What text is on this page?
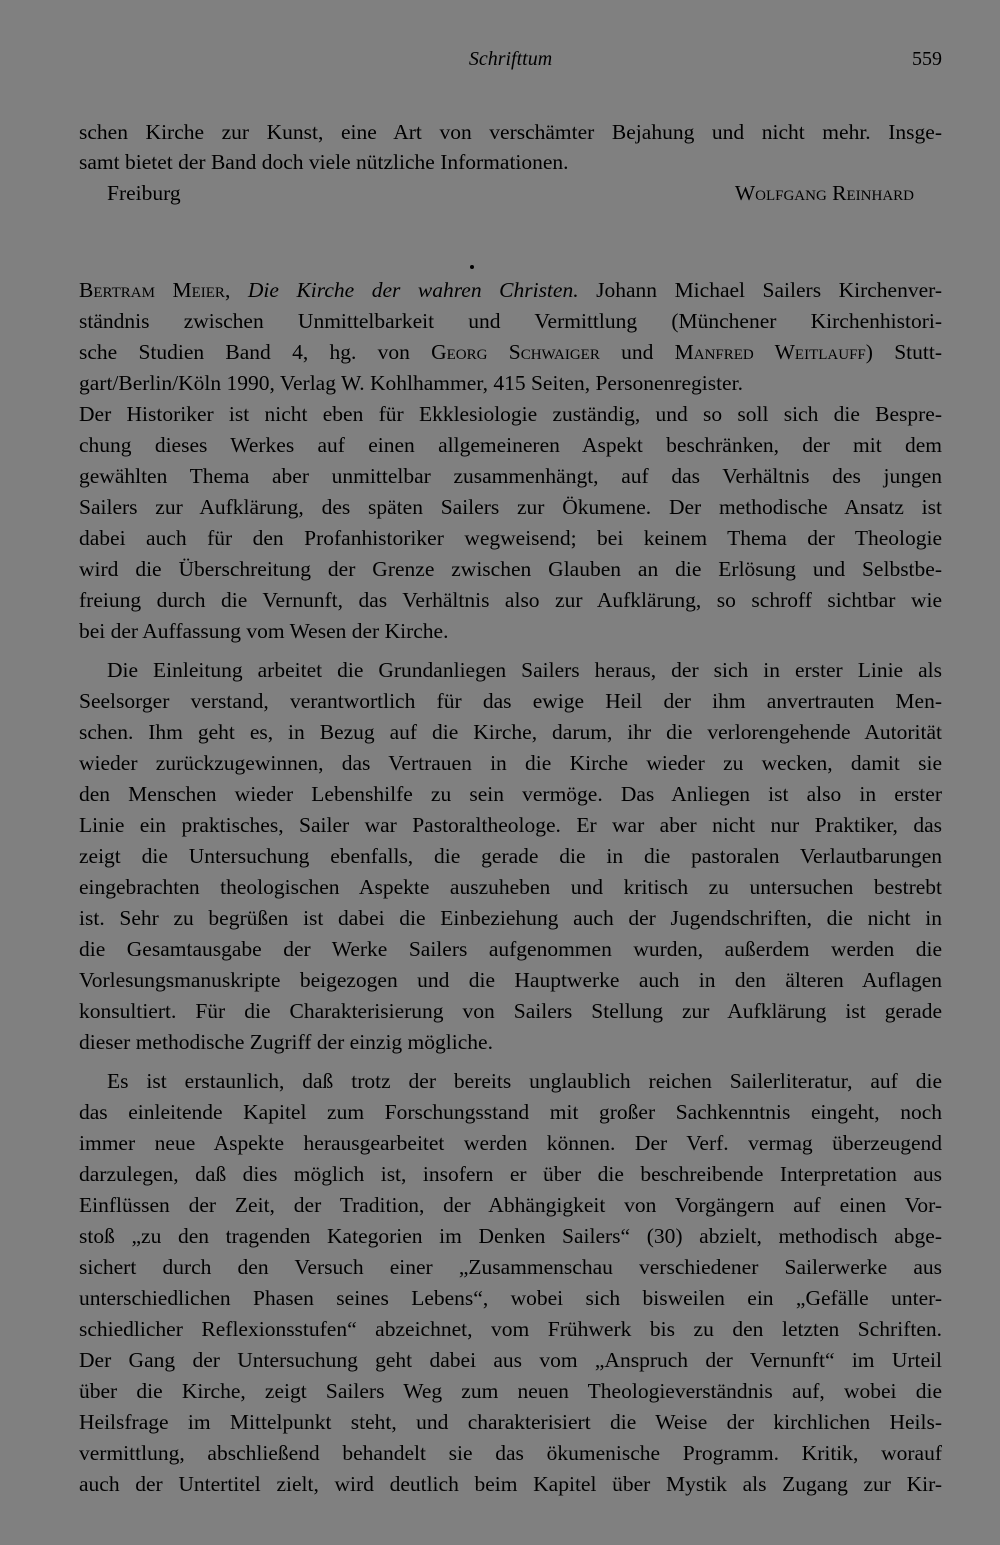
Schrifttum	559
schen Kirche zur Kunst, eine Art von verschämter Bejahung und nicht mehr. Insge-
samt bietet der Band doch viele nützliche Informationen.
Freiburg	Wolfgang Reinhard
Bertram Meier, Die Kirche der wahren Christen. Johann Michael Sailers Kirchenver-
ständnis zwischen Unmittelbarkeit und Vermittlung (Münchener Kirchenhistori-
sche Studien Band 4, hg. von Georg Schwaiger und Manfred Weitlauff) Stutt-
gart/Berlin/Köln 1990, Verlag W. Kohlhammer, 415 Seiten, Personenregister.
Der Historiker ist nicht eben für Ekklesiologie zuständig, und so soll sich die Bespre-
chung dieses Werkes auf einen allgemeineren Aspekt beschränken, der mit dem
gewählten Thema aber unmittelbar zusammenhängt, auf das Verhältnis des jungen
Sailers zur Aufklärung, des späten Sailers zur Ökumene. Der methodische Ansatz ist
dabei auch für den Profanhistoriker wegweisend; bei keinem Thema der Theologie
wird die Überschreitung der Grenze zwischen Glauben an die Erlösung und Selbstbe-
freiung durch die Vernunft, das Verhältnis also zur Aufklärung, so schroff sichtbar wie
bei der Auffassung vom Wesen der Kirche.
Die Einleitung arbeitet die Grundanliegen Sailers heraus, der sich in erster Linie als
Seelsorger verstand, verantwortlich für das ewige Heil der ihm anvertrauten Men-
schen. Ihm geht es, in Bezug auf die Kirche, darum, ihr die verlorengehende Autorität
wieder zurückzugewinnen, das Vertrauen in die Kirche wieder zu wecken, damit sie
den Menschen wieder Lebenshilfe zu sein vermöge. Das Anliegen ist also in erster
Linie ein praktisches, Sailer war Pastoraltheologe. Er war aber nicht nur Praktiker, das
zeigt die Untersuchung ebenfalls, die gerade die in die pastoralen Verlautbarungen
eingebrachten theologischen Aspekte auszuheben und kritisch zu untersuchen bestrebt
ist. Sehr zu begrüßen ist dabei die Einbeziehung auch der Jugendschriften, die nicht in
die Gesamtausgabe der Werke Sailers aufgenommen wurden, außerdem werden die
Vorlesungsmanuskripte beigezogen und die Hauptwerke auch in den älteren Auflagen
konsultiert. Für die Charakterisierung von Sailers Stellung zur Aufklärung ist gerade
dieser methodische Zugriff der einzig mögliche.
Es ist erstaunlich, daß trotz der bereits unglaublich reichen Sailerliteratur, auf die
das einleitende Kapitel zum Forschungsstand mit großer Sachkenntnis eingeht, noch
immer neue Aspekte herausgearbeitet werden können. Der Verf. vermag überzeugend
darzulegen, daß dies möglich ist, insofern er über die beschreibende Interpretation aus
Einflüssen der Zeit, der Tradition, der Abhängigkeit von Vorgängern auf einen Vor-
stoß „zu den tragenden Kategorien im Denken Sailers“ (30) abzielt, methodisch abge-
sichert durch den Versuch einer „Zusammenschau verschiedener Sailerwerke aus
unterschiedlichen Phasen seines Lebens“, wobei sich bisweilen ein „Gefälle unter-
schiedlicher Reflexionsstufen“ abzeichnet, vom Frühwerk bis zu den letzten Schriften.
Der Gang der Untersuchung geht dabei aus vom „Anspruch der Vernunft“ im Urteil
über die Kirche, zeigt Sailers Weg zum neuen Theologieverständnis auf, wobei die
Heilsfrage im Mittelpunkt steht, und charakterisiert die Weise der kirchlichen Heils-
vermittlung, abschließend behandelt sie das ökumenische Programm. Kritik, worauf
auch der Untertitel zielt, wird deutlich beim Kapitel über Mystik als Zugang zur Kir-
